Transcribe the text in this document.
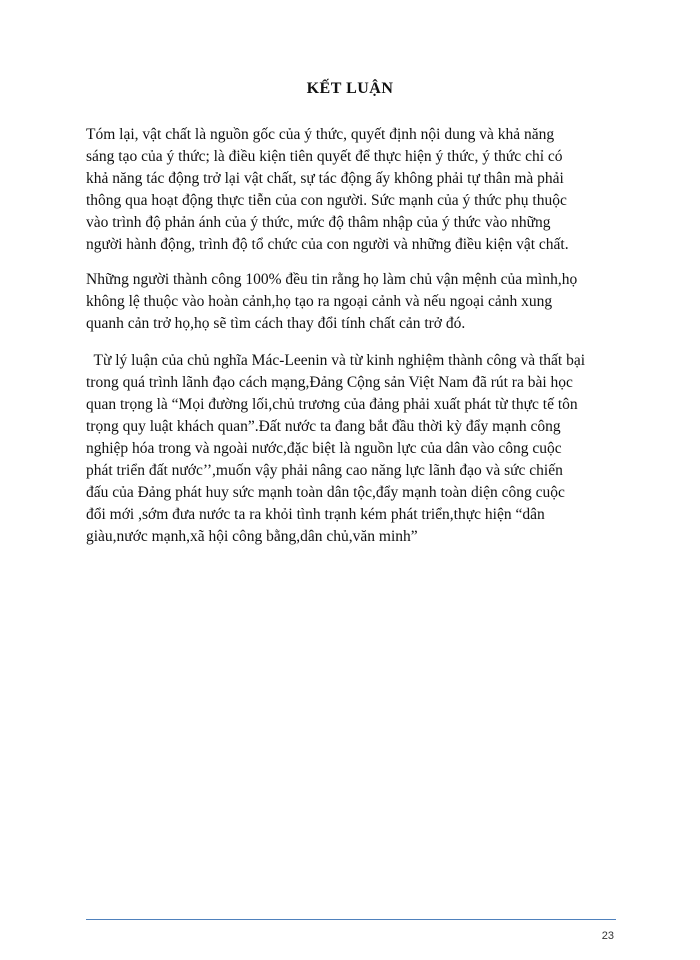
KẾT LUẬN

Tóm lại, vật chất là nguồn gốc của ý thức, quyết định nội dung và khả năng
sáng tạo của ý thức; là điều kiện tiên quyết để thực hiện ý thức, ý thức chỉ có
khả năng tác động trở lại vật chất, sự tác động ấy không phải tự thân mà phải
thông qua hoạt động thực tiễn của con người. Sức mạnh của ý thức phụ thuộc
vào trình độ phản ánh của ý thức, mức độ thâm nhập của ý thức vào những
người hành động, trình độ tổ chức của con người và những điều kiện vật chất.

Những người thành công 100% đều tin rằng họ làm chủ vận mệnh của mình,họ
không lệ thuộc vào hoàn cảnh,họ tạo ra ngoại cảnh và nếu ngoại cảnh xung
quanh cản trở họ,họ sẽ tìm cách thay đổi tính chất cản trở đó.

Từ lý luận của chủ nghĩa Mác-Leenin và từ kinh nghiệm thành công và thất bại
trong quá trình lãnh đạo cách mạng,Đảng Cộng sản Việt Nam đã rút ra bài học
quan trọng là “Mọi đường lối,chủ trương của đảng phải xuất phát từ thực tế tôn
trọng quy luật khách quan”.Đất nước ta đang bắt đầu thời kỳ đẩy mạnh công
nghiệp hóa trong và ngoài nước,đặc biệt là nguồn lực của dân vào công cuộc
phát triển đất nước’’,muốn vậy phải nâng cao năng lực lãnh đạo và sức chiến
đấu của Đảng phát huy sức mạnh toàn dân tộc,đẩy mạnh toàn diện công cuộc
đổi mới ,sớm đưa nước ta ra khỏi tình trạnh kém phát triển,thực hiện “dân
giàu,nước mạnh,xã hội công bằng,dân chủ,văn minh”

23
